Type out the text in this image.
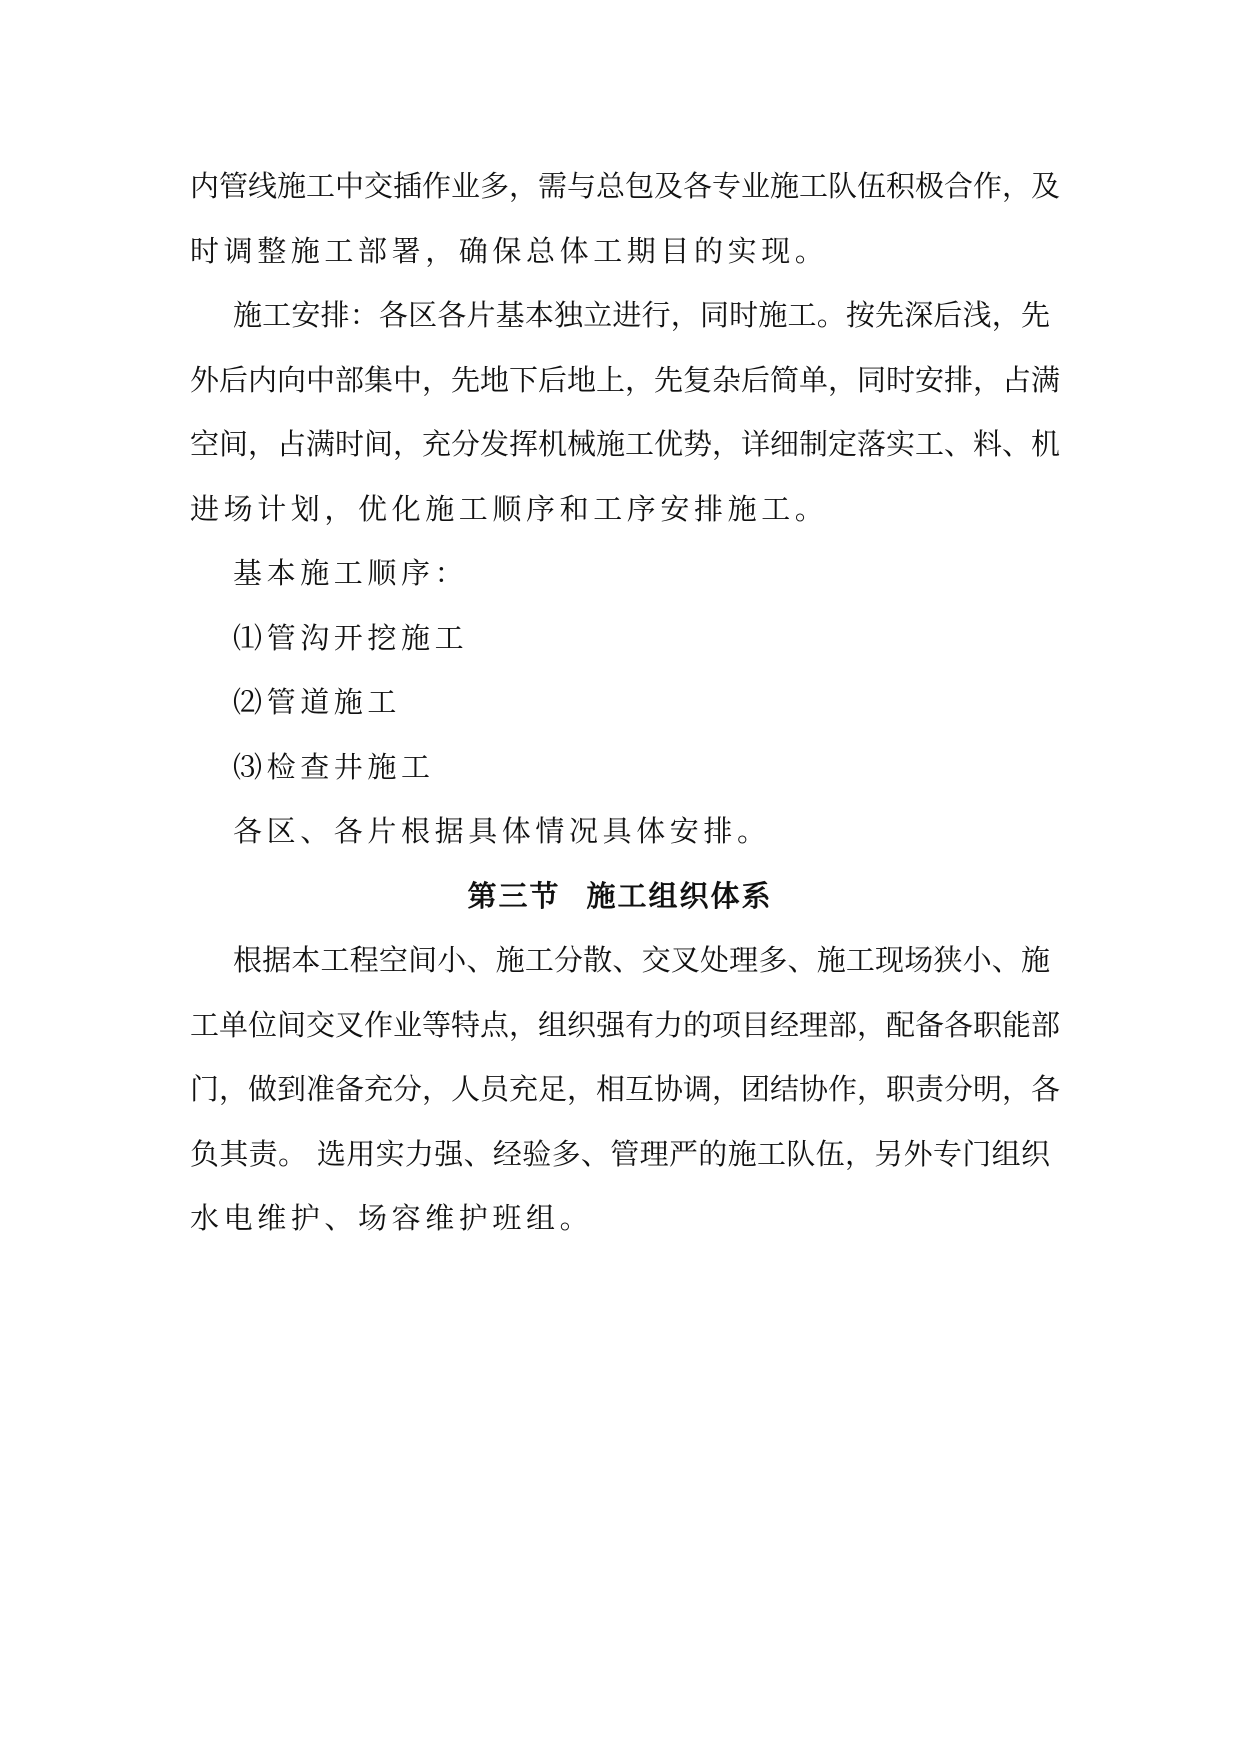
内管线施工中交插作业多，需与总包及各专业施工队伍积极合作，及
时调整施工部署，确保总体工期目的实现。
施工安排：各区各片基本独立进行，同时施工。按先深后浅，先
外后内向中部集中，先地下后地上，先复杂后简单，同时安排，占满
空间，占满时间，充分发挥机械施工优势，详细制定落实工、料、机
进场计划，优化施工顺序和工序安排施工。
基本施工顺序：
⑴管沟开挖施工
⑵管道施工
⑶检查井施工
各区、各片根据具体情况具体安排。
第三节 施工组织体系
根据本工程空间小、施工分散、交叉处理多、施工现场狭小、施
工单位间交叉作业等特点，组织强有力的项目经理部，配备各职能部
门，做到准备充分，人员充足，相互协调，团结协作，职责分明，各
负其责。 选用实力强、经验多、管理严的施工队伍，另外专门组织
水电维护、场容维护班组。
